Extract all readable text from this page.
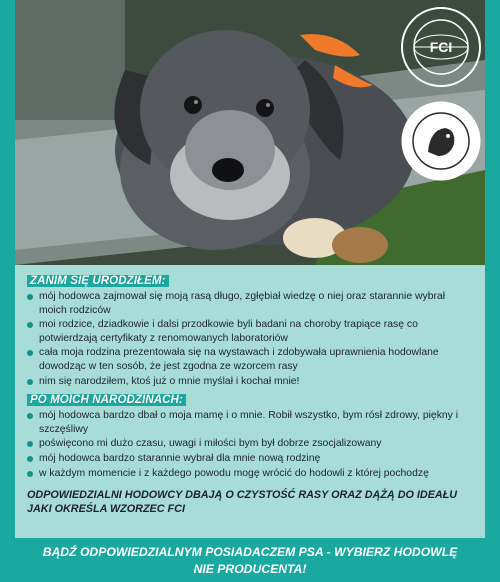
FCI
ZANIM SIĘ URODZIŁEM:
mój hodowca zajmował się moją rasą długo, zgłębiał wiedzę o niej oraz starannie wybrał moich rodziców
moi rodzice, dziadkowie i dalsi przodkowie byli badani na choroby trapiące rasę co potwierdzają certyfikaty z renomowanych laboratoriów
cała moja rodzina prezentowała się na wystawach i zdobywała uprawnienia hodowlane dowodząc w ten sosób, że jest zgodna ze wzorcem rasy
nim się narodziłem, ktoś już o mnie myślał i kochał mnie!
PO MOICH NARODZINACH:
mój hodowca bardzo dbał o moja mamę i o mnie. Robił wszystko, bym rósł zdrowy, piękny i szczęśliwy
poświęcono mi dużo czasu, uwagi i miłości bym był dobrze zsocjalizowany
mój hodowca bardzo starannie wybrał dla mnie nową rodzinę
w każdym momencie i z każdego powodu mogę wrócić do hodowli z której pochodzę
ODPOWIEDZIALNI HODOWCY DBAJĄ O CZYSTOŚĆ RASY ORAZ DĄŻĄ DO IDEAŁU JAKI OKREŚLA WZORZEC FCI
BĄDŹ ODPOWIEDZIALNYM POSIADACZEM PSA - WYBIERZ HODOWLĘ
NIE PRODUCENTA!
